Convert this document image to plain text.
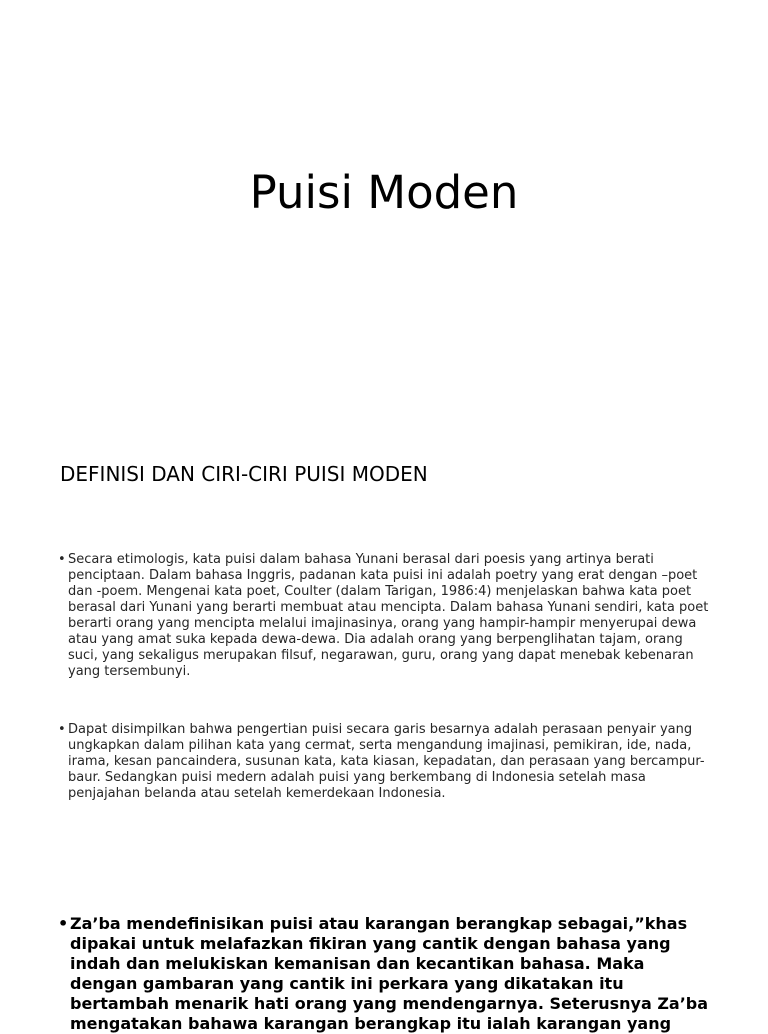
Puisi Moden
DEFINISI DAN CIRI-CIRI PUISI MODEN
• Secara etimologis, kata puisi dalam bahasa Yunani berasal dari poesis yang artinya berati penciptaan. Dalam bahasa Inggris, padanan kata puisi ini adalah poetry yang erat dengan –poet dan -poem. Mengenai kata poet, Coulter (dalam Tarigan, 1986:4) menjelaskan bahwa kata poet berasal dari Yunani yang berarti membuat atau mencipta. Dalam bahasa Yunani sendiri, kata poet berarti orang yang mencipta melalui imajinasinya, orang yang hampir-hampir menyerupai dewa atau yang amat suka kepada dewa-dewa. Dia adalah orang yang berpenglihatan tajam, orang suci, yang sekaligus merupakan filsuf, negarawan, guru, orang yang dapat menebak kebenaran yang tersembunyi.
• Dapat disimpilkan bahwa pengertian puisi secara garis besarnya adalah perasaan penyair yang ungkapkan dalam pilihan kata yang cermat, serta mengandung imajinasi, pemikiran, ide, nada, irama, kesan pancaindera, susunan kata, kata kiasan, kepadatan, dan perasaan yang bercampur-baur. Sedangkan puisi medern adalah puisi yang berkembang di Indonesia setelah masa penjajahan belanda atau setelah kemerdekaan Indonesia.
• Za’ba mendefinisikan puisi atau karangan berangkap sebagai,”khas dipakai untuk melafazkan fikiran yang cantik dengan bahasa yang indah dan melukiskan kemanisan dan kecantikan bahasa. Maka dengan gambaran yang cantik ini perkara yang dikatakan itu bertambah menarik hati orang yang mendengarnya. Seterusnya Za’ba mengatakan bahawa karangan berangkap itu ialah karangan yang
